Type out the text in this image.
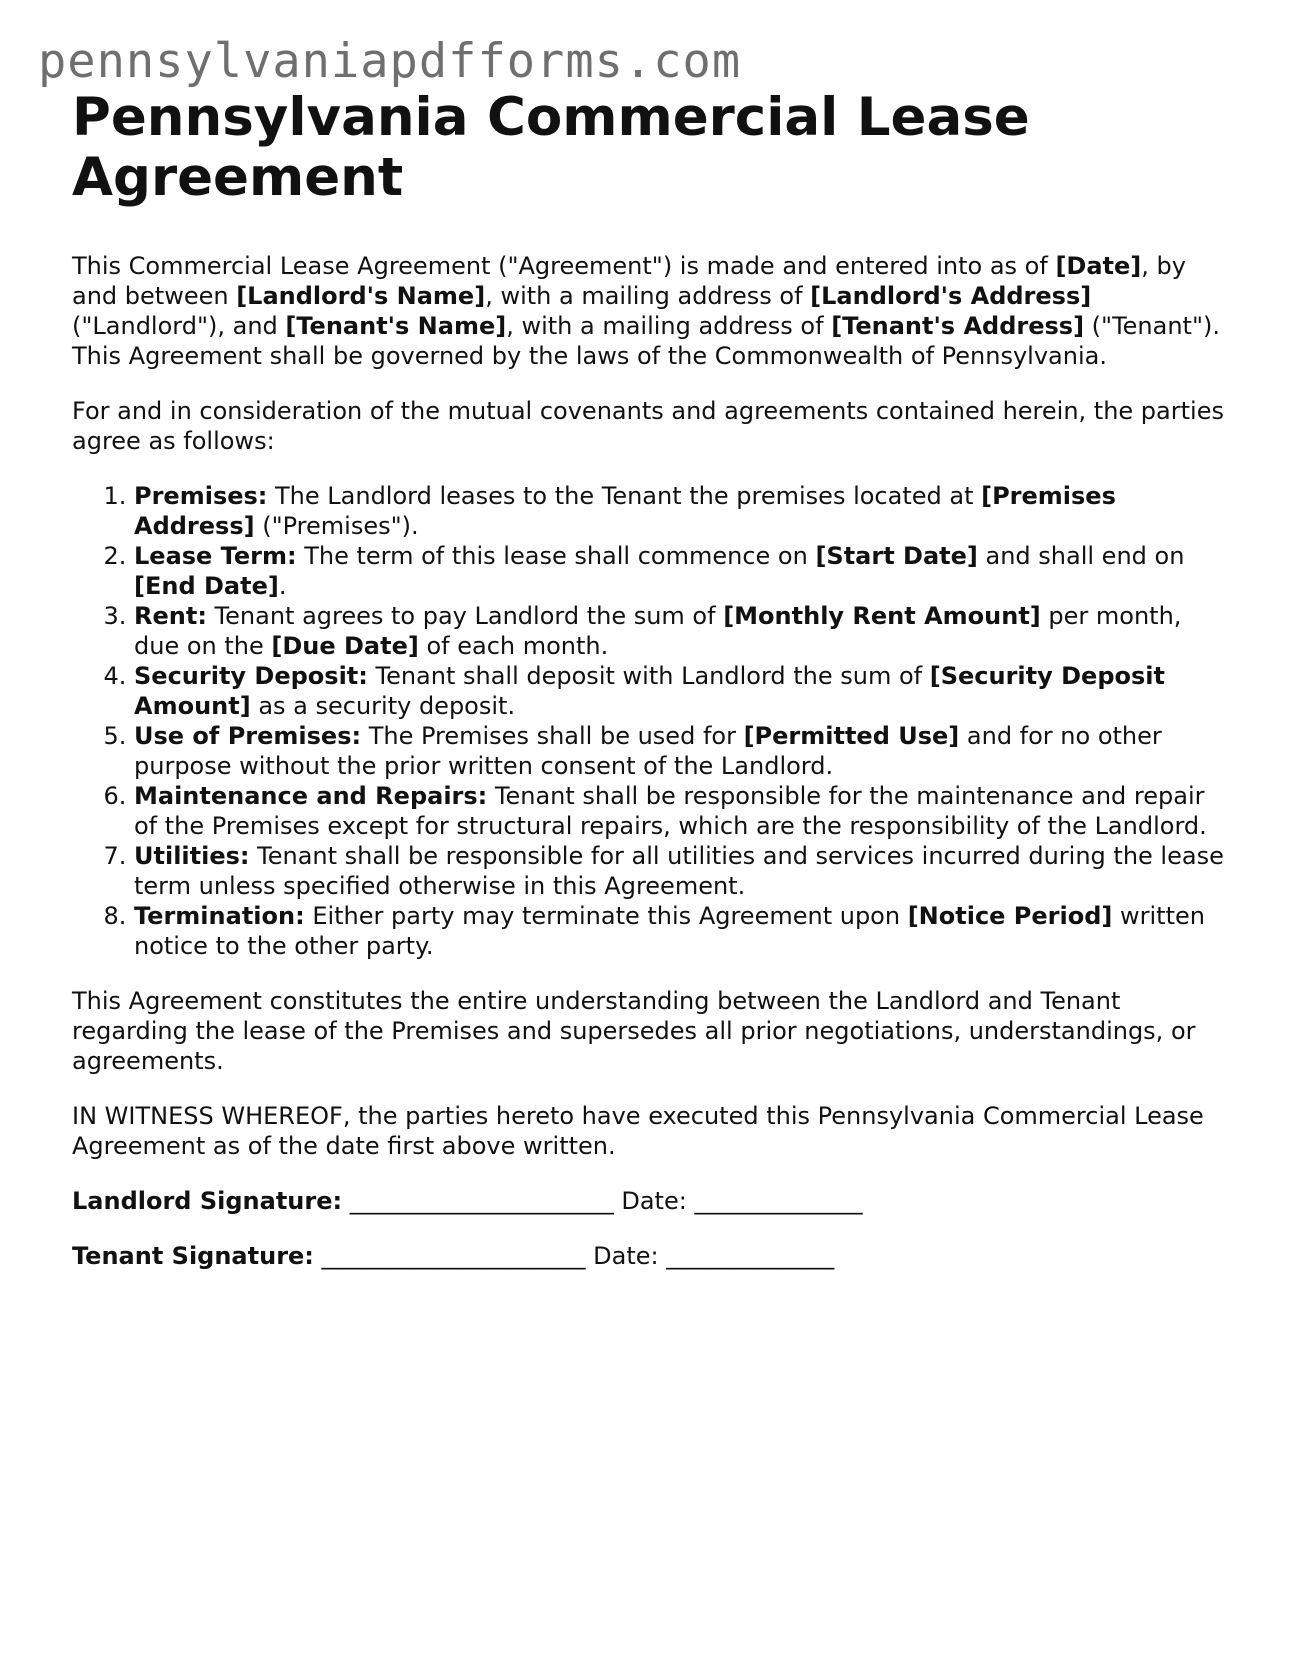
pennsylvaniapdfforms.com
Pennsylvania Commercial Lease Agreement

This Commercial Lease Agreement ("Agreement") is made and entered into as of [Date], by and between [Landlord's Name], with a mailing address of [Landlord's Address] ("Landlord"), and [Tenant's Name], with a mailing address of [Tenant's Address] ("Tenant"). This Agreement shall be governed by the laws of the Commonwealth of Pennsylvania.

For and in consideration of the mutual covenants and agreements contained herein, the parties agree as follows:

1. Premises: The Landlord leases to the Tenant the premises located at [Premises Address] ("Premises").
2. Lease Term: The term of this lease shall commence on [Start Date] and shall end on [End Date].
3. Rent: Tenant agrees to pay Landlord the sum of [Monthly Rent Amount] per month, due on the [Due Date] of each month.
4. Security Deposit: Tenant shall deposit with Landlord the sum of [Security Deposit Amount] as a security deposit.
5. Use of Premises: The Premises shall be used for [Permitted Use] and for no other purpose without the prior written consent of the Landlord.
6. Maintenance and Repairs: Tenant shall be responsible for the maintenance and repair of the Premises except for structural repairs, which are the responsibility of the Landlord.
7. Utilities: Tenant shall be responsible for all utilities and services incurred during the lease term unless specified otherwise in this Agreement.
8. Termination: Either party may terminate this Agreement upon [Notice Period] written notice to the other party.

This Agreement constitutes the entire understanding between the Landlord and Tenant regarding the lease of the Premises and supersedes all prior negotiations, understandings, or agreements.

IN WITNESS WHEREOF, the parties hereto have executed this Pennsylvania Commercial Lease Agreement as of the date first above written.

Landlord Signature: ______________________ Date: ______________

Tenant Signature: ______________________ Date: ______________
